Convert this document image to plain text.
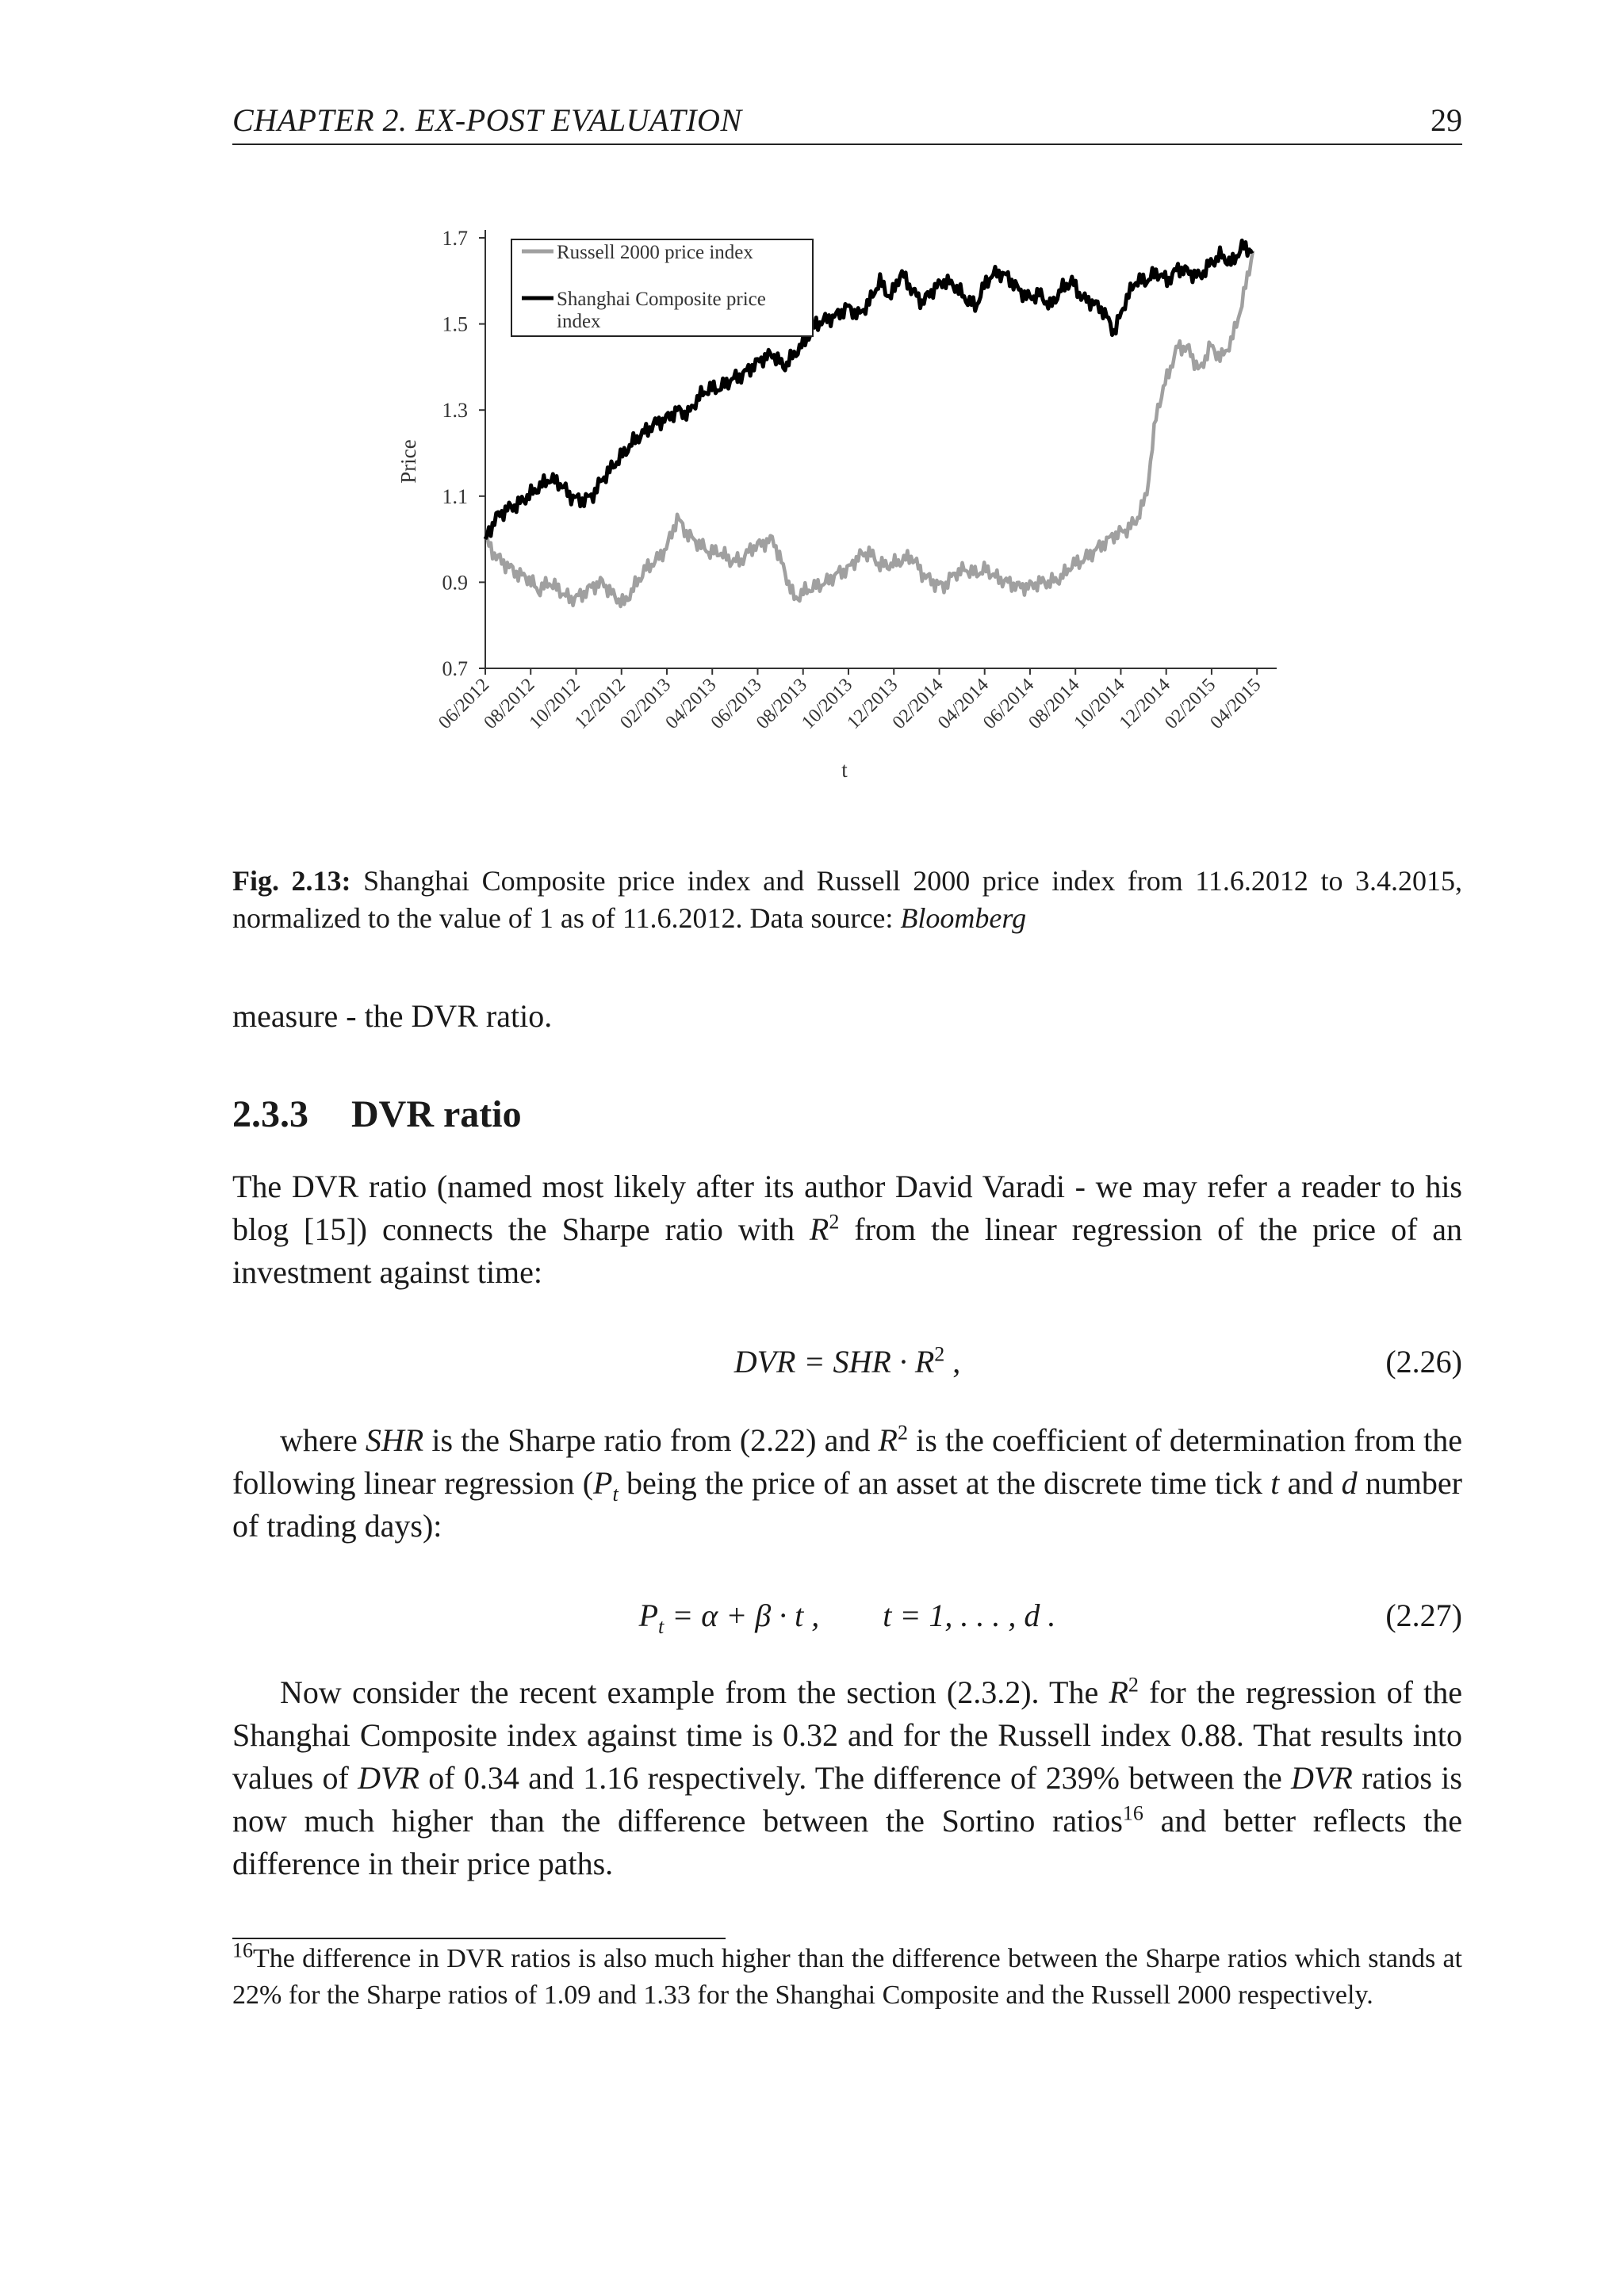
CHAPTER 2. EX-POST EVALUATION	29
0.7
0.9
1.1
1.3
1.5
1.7
06/2012
08/2012
10/2012
12/2012
02/2013
04/2013
06/2013
08/2013
10/2013
12/2013
02/2014
04/2014
06/2014
08/2014
10/2014
12/2014
02/2015
04/2015
Russell 2000 price index
Shanghai Composite price index
Price
t
Fig. 2.13: Shanghai Composite price index and Russell 2000 price index from 11.6.2012 to 3.4.2015, normalized to the value of 1 as of 11.6.2012. Data source: Bloomberg
measure - the DVR ratio.
2.3.3 DVR ratio
The DVR ratio (named most likely after its author David Varadi - we may refer a reader to his blog [15]) connects the Sharpe ratio with $R^2$ from the linear regression of the price of an investment against time:
DVR = SHR · $R^2$ ,	(2.26)
where SHR is the Sharpe ratio from (2.22) and $R^2$ is the coefficient of determination from the following linear regression ($P_t$ being the price of an asset at the discrete time tick t and d number of trading days):
$P_t = \alpha + \beta \cdot t$ , t = 1, . . . , d .	(2.27)
Now consider the recent example from the section (2.3.2). The $R^2$ for the regression of the Shanghai Composite index against time is 0.32 and for the Russell index 0.88. That results into values of DVR of 0.34 and 1.16 respectively. The difference of 239% between the DVR ratios is now much higher than the difference between the Sortino ratios$^{16}$ and better reflects the difference in their price paths.
$^{16}$The difference in DVR ratios is also much higher than the difference between the Sharpe ratios which stands at 22% for the Sharpe ratios of 1.09 and 1.33 for the Shanghai Composite and the Russell 2000 respectively.
